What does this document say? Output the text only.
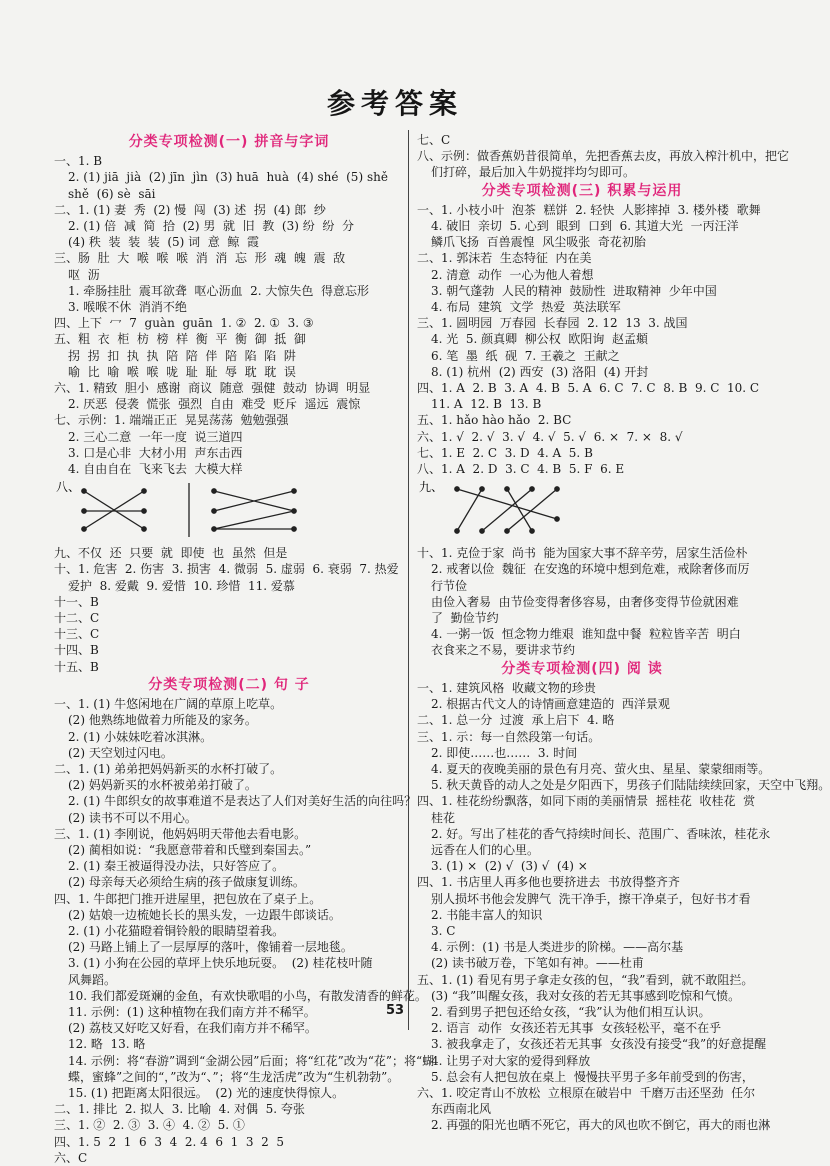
参考答案
分类专项检测(一) 拼音与字词
一、1. B
2. (1) jiā  jià  (2) jīn  jìn  (3) huā  huà  (4) shé  (5) shě
shě  (6) sè  sāi
二、1. (1) 妻  秀  (2) 慢  闯  (3) 述  拐  (4) 郎  纱
2. (1) 倍  减  简  拾  (2) 男  就  旧  教  (3) 纷  纷  分
(4) 秩  装  装  装  (5) 词  意  鲸  霞
三、肠  肚  大  喉  喉  喉  消  消  忘  形  魂  魄  震  敌
呕  沥
1. 牵肠挂肚  震耳欲聋  呕心沥血  2. 大惊失色  得意忘形
3. 喉喉不休  消消不绝
四、上下  冖  7  guàn  guān  1. ②  2. ①  3. ③
五、粗  衣  柜  枋  榜  样  衡  平  衡  御  抵  御
拐  拐  扣  执  执  陪  陪  伴  陪  陷  陷  阱
喻  比  喻  喉  喉  咙  耻  耻  辱  耽  耽  误
六、1. 精致  胆小  感谢  商议  随意  强健  鼓动  协调  明显
2. 厌恶  侵袭  慌张  强烈  自由  难受  贬斥  遥远  震惊
七、示例：1. 端端正正  晃晃荡荡  勉勉强强
2. 三心二意  一年一度  说三道四
3. 口是心非  大材小用  声东击西
4. 自由自在  飞来飞去  大模大样
八、
九、不仅  还  只要  就  即使  也  虽然  但是
十、1. 危害  2. 伤害  3. 损害  4. 微弱  5. 虚弱  6. 衰弱  7. 热爱
爱护  8. 爱戴  9. 爱惜  10. 珍惜  11. 爱慕
十一、B
十二、C
十三、C
十四、B
十五、B
分类专项检测(二) 句 子
一、1. (1) 牛悠闲地在广阔的草原上吃草。
(2) 他熟练地做着力所能及的家务。
2. (1) 小妹妹吃着冰淇淋。
(2) 天空划过闪电。
二、1. (1) 弟弟把妈妈新买的水杯打破了。
(2) 妈妈新买的水杯被弟弟打破了。
2. (1) 牛郎织女的故事难道不是表达了人们对美好生活的向往吗？
(2) 读书不可以不用心。
三、1. (1) 李刚说，他妈妈明天带他去看电影。
(2) 蔺相如说：“我愿意带着和氏璧到秦国去。”
2. (1) 秦王被逼得没办法，只好答应了。
(2) 母亲每天必须给生病的孩子做康复训练。
四、1. 牛郎把门推开进屋里，把包放在了桌子上。
(2) 姑娘一边梳她长长的黑头发，一边跟牛郎谈话。
2. (1) 小花猫瞪着铜铃般的眼睛望着我。
(2) 马路上铺上了一层厚厚的落叶，像铺着一层地毯。
3. (1) 小狗在公园的草坪上快乐地玩耍。  (2) 桂花枝叶随
风舞蹈。
10. 我们都爱斑斓的金鱼，有欢快歌唱的小鸟，有散发清香的鲜花。
11. 示例：(1) 这种植物在我们南方并不稀罕。
(2) 荔枝又好吃又好看，在我们南方并不稀罕。
12. 略  13. 略
14. 示例：将“春游”调到“金湖公园”后面；将“红花”改为“花”；将“蝴
蝶，蜜蜂”之间的“，”改为“、”；将“生龙活虎”改为“生机勃勃”。
15. (1) 把距离太阳很远。  (2) 光的速度快得惊人。
二、1. 排比  2. 拟人  3. 比喻  4. 对偶  5. 夸张
三、1. ②  2. ③  3. ④  4. ②  5. ①
四、1. 5  2  1  6  3  4  2. 4  6  1  3  2  5
六、C
七、C
八、示例：做香蕉奶昔很简单，先把香蕉去皮，再放入榨汁机中，把它
们打碎，最后加入牛奶搅拌均匀即可。
分类专项检测(三) 积累与运用
一、1. 小枝小叶  泡茶  糕饼  2. 轻快  人影摔掉  3. 楼外楼  歌舞
4. 破旧  亲切  5. 心到  眼到  口到  6. 其道大光  一丙汪洋
鳞爪飞扬  百兽震惶  风尘吸张  奇花初胎
二、1. 郭沫若  生态特征  内在美
2. 清意  动作  一心为他人着想
3. 朝气蓬勃  人民的精神  鼓励性  进取精神  少年中国
4. 布局  建筑  文学  热爱  英法联军
三、1. 圆明园  万春园  长春园  2. 12  13  3. 战国
4. 光  5. 颜真卿  柳公权  欧阳询  赵孟頫
6. 笔  墨  纸  砚  7. 王羲之  王献之
8. (1) 杭州  (2) 西安  (3) 洛阳  (4) 开封
四、1. A  2. B  3. A  4. B  5. A  6. C  7. C  8. B  9. C  10. C
11. A  12. B  13. B
五、1. hǎo hào hǎo  2. BC
六、1. √  2. √  3. √  4. √  5. √  6. ×  7. ×  8. √
七、1. E  2. C  3. D  4. A  5. B
八、1. A  2. D  3. C  4. B  5. F  6. E
九、
十、1. 克俭于家  尚书  能为国家大事不辞辛劳，居家生活俭朴
2. 戒奢以俭  魏征  在安逸的环境中想到危难，戒除奢侈而厉
行节俭
由俭入奢易  由节俭变得奢侈容易，由奢侈变得节俭就困难
了  勤俭节约
4. 一粥一饭  恒念物力维艰  谁知盘中餐  粒粒皆辛苦  明白
衣食来之不易，要讲求节约
分类专项检测(四) 阅 读
一、1. 建筑风格  收藏文物的珍贵
2. 根据古代文人的诗情画意建造的  西洋景观
二、1. 总一分  过渡  承上启下  4. 略
三、1. 示：每一自然段第一句话。
2. 即使……也……  3. 时间
4. 夏天的夜晚美丽的景色有月亮、萤火虫、星星、蒙蒙细雨等。
5. 秋天黄昏的动人之处是夕阳西下，男孩子们陆陆续续回家，天空中飞翔。
四、1. 桂花纷纷飘落，如同下雨的美丽情景  摇桂花  收桂花  赏
桂花
2. 好。写出了桂花的香气持续时间长、范围广、香味浓，桂花永
远香在人们的心里。
3. (1) ×  (2) √  (3) √  (4) ×
四、1. 书店里人再多他也要挤进去  书放得整齐齐
别人损坏书他会发脾气  洗干净手，擦干净桌子，包好书才看
2. 书能丰富人的知识
3. C
4. 示例：(1) 书是人类进步的阶梯。——高尔基
(2) 读书破万卷，下笔如有神。——杜甫
五、1. (1) 看见有男子拿走女孩的包，“我”看到，就不敢阻拦。
(3) “我”叫醒女孩，我对女孩的若无其事感到吃惊和气愤。
2. 看到男子把包还给女孩，“我”认为他们相互认识。
2. 语言  动作  女孩还若无其事  女孩轻松平，毫不在乎
3. 被我拿走了，女孩还若无其事  女孩没有接受“我”的好意提醒
4. 让男子对大家的爱得到释放
5. 总会有人把包放在桌上  慢慢扶平男子多年前受到的伤害，
六、1. 咬定青山不放松  立根原在破岩中  千磨万击还坚劲  任尔
东西南北风
2. 再强的阳光也晒不死它，再大的风也吹不倒它，再大的雨也淋
53
